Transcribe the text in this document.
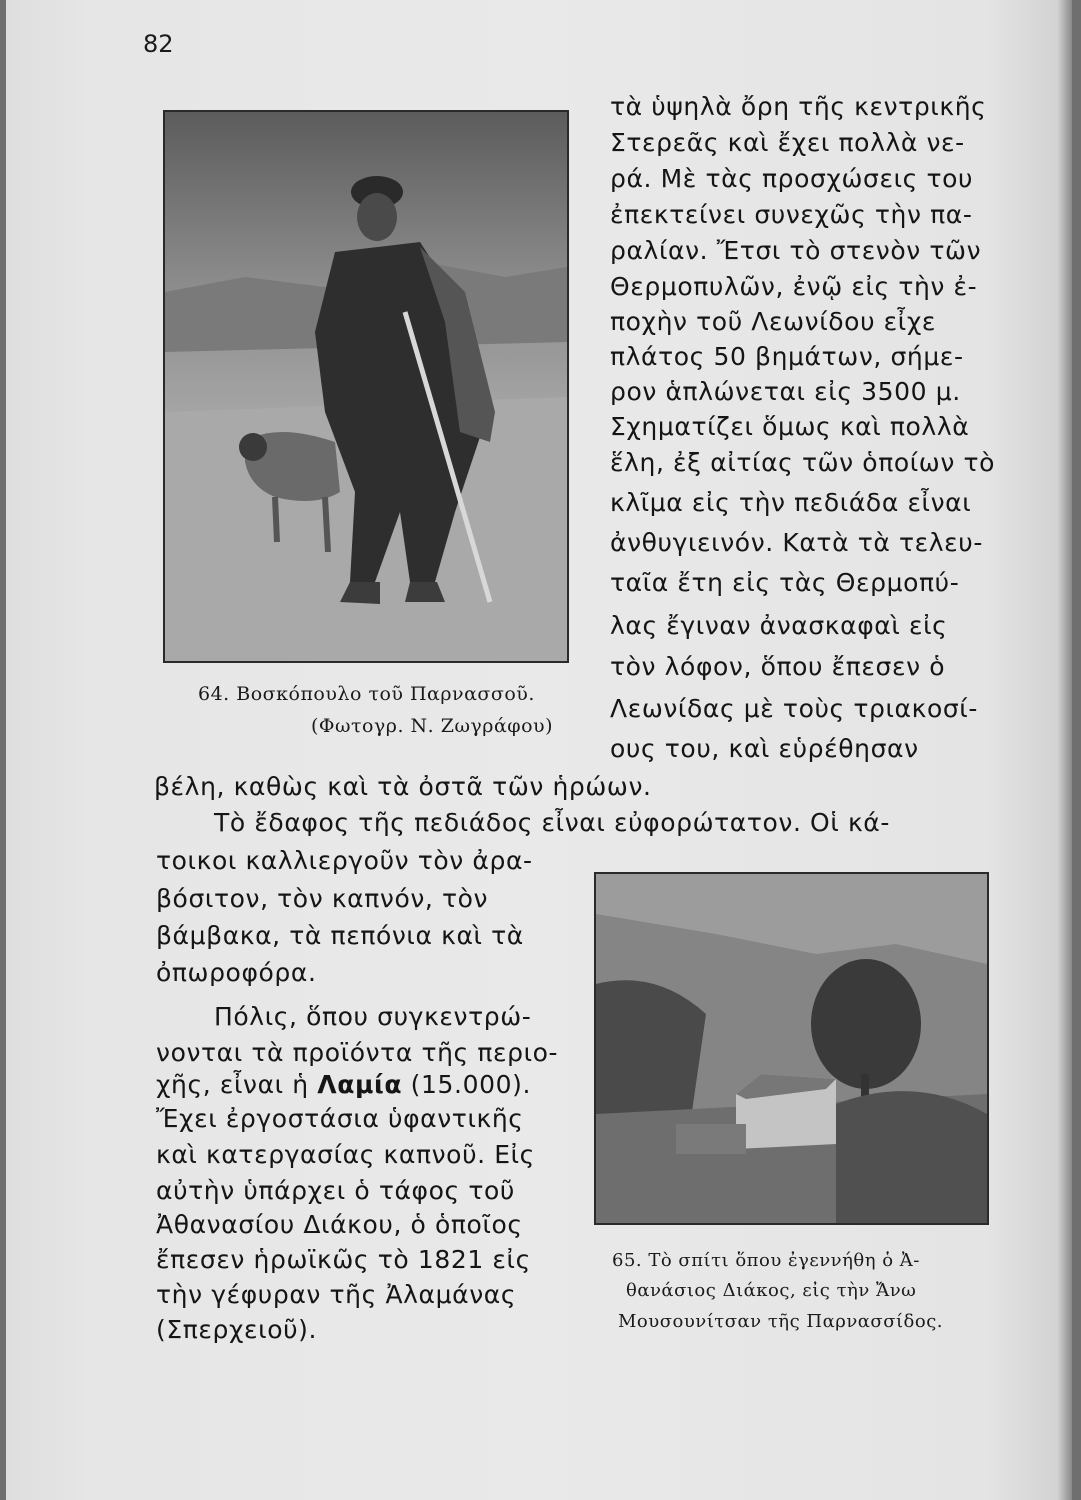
82
64. Βοσκόπουλο τοῦ Παρνασσοῦ.
(Φωτογρ. Ν. Ζωγράφου)
τὰ ὑψηλὰ ὄρη τῆς κεντρικῆς
Στερεᾶς καὶ ἔχει πολλὰ νε-
ρά. Μὲ τὰς προσχώσεις του
ἐπεκτείνει συνεχῶς τὴν πα-
ραλίαν. Ἔτσι τὸ στενὸν τῶν
Θερμοπυλῶν, ἐνῷ εἰς τὴν ἐ-
ποχὴν τοῦ Λεωνίδου εἶχε
πλάτος 50 βημάτων, σήμε-
ρον ἁπλώνεται εἰς 3500 μ.
Σχηματίζει ὅμως καὶ πολλὰ
ἕλη, ἐξ αἰτίας τῶν ὁποίων τὸ
κλῖμα εἰς τὴν πεδιάδα εἶναι
ἀνθυγιεινόν. Κατὰ τὰ τελευ-
ταῖα ἔτη εἰς τὰς Θερμοπύ-
λας ἔγιναν ἀνασκαφαὶ εἰς
τὸν λόφον, ὅπου ἔπεσεν ὁ
Λεωνίδας μὲ τοὺς τριακοσί-
ους του, καὶ εὑρέθησαν
βέλη, καθὼς καὶ τὰ ὀστᾶ τῶν ἡρώων.
Τὸ ἔδαφος τῆς πεδιάδος εἶναι εὐφορώτατον. Οἱ κά-
τοικοι καλλιεργοῦν τὸν ἀρα-
βόσιτον, τὸν καπνόν, τὸν
βάμβακα, τὰ πεπόνια καὶ τὰ
ὀπωροφόρα.
Πόλις, ὅπου συγκεντρώ-
νονται τὰ προϊόντα τῆς περιο-
χῆς, εἶναι ἡ Λαμία (15.000).
Ἔχει ἐργοστάσια ὑφαντικῆς
καὶ κατεργασίας καπνοῦ. Εἰς
αὐτὴν ὑπάρχει ὁ τάφος τοῦ
Ἀθανασίου Διάκου, ὁ ὁποῖος
ἔπεσεν ἡρωϊκῶς τὸ 1821 εἰς
τὴν γέφυραν τῆς Ἀλαμάνας
(Σπερχειοῦ).
65. Τὸ σπίτι ὅπου ἐγεννήθη ὁ Ἀ-
θανάσιος Διάκος, εἰς τὴν Ἄνω
Μουσουνίτσαν τῆς Παρνασσίδος.
